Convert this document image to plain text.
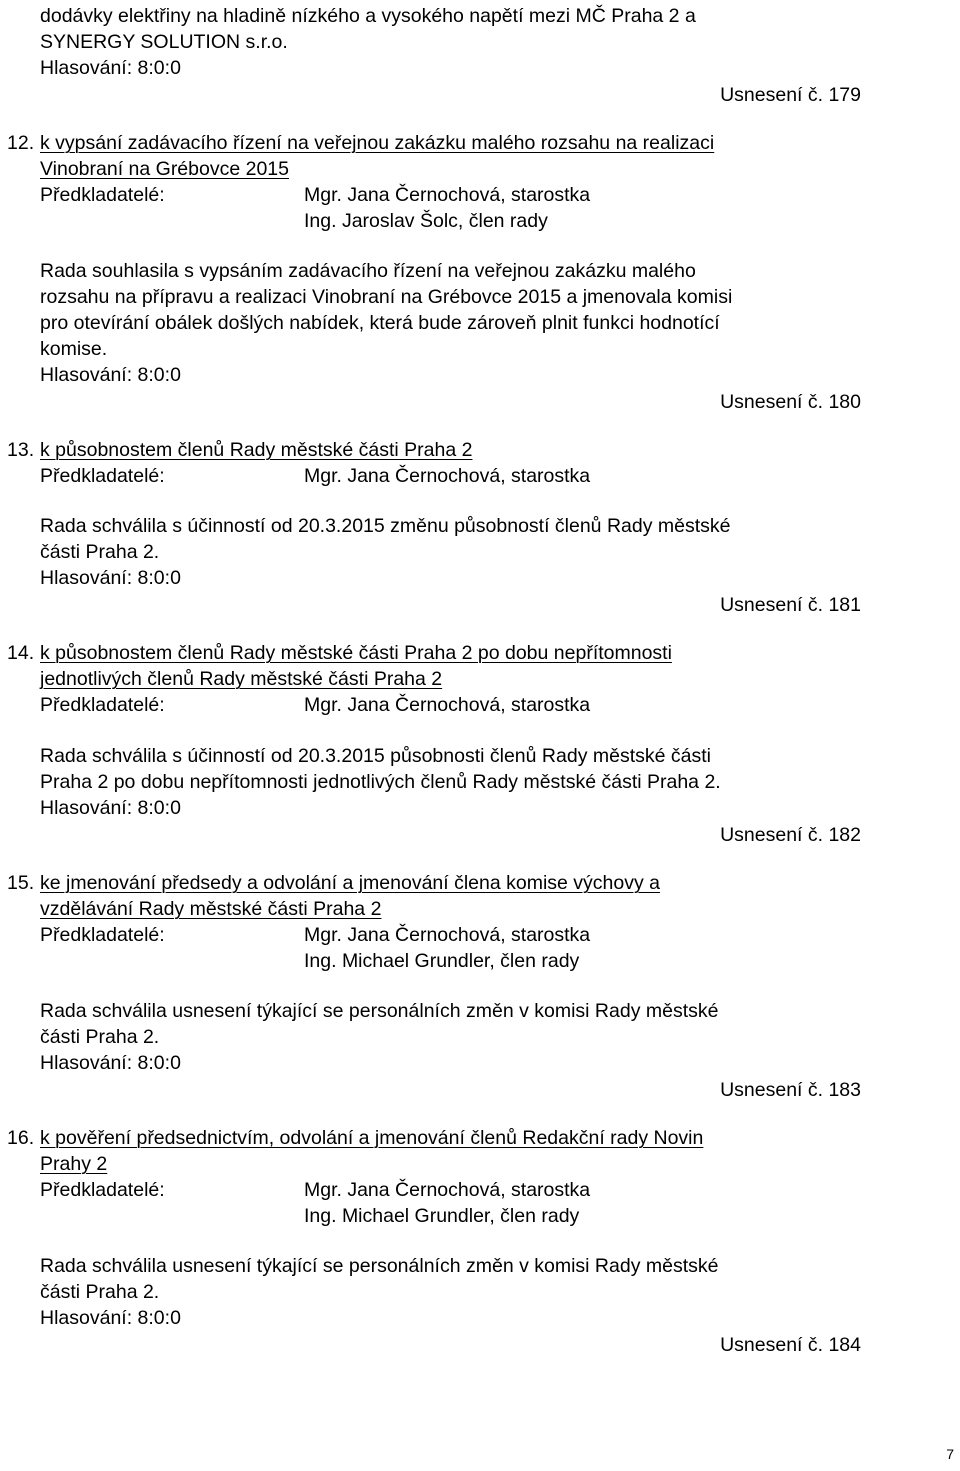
dodávky elektřiny na hladině nízkého a vysokého napětí mezi MČ Praha 2 a
SYNERGY SOLUTION s.r.o.
Hlasování: 8:0:0
Usnesení č. 179
12. k vypsání zadávacího řízení na veřejnou zakázku malého rozsahu na realizaci
Vinobraní na Grébovce 2015
Předkladatelé:	Mgr. Jana Černochová, starostka
Ing. Jaroslav Šolc, člen rady
Rada souhlasila s vypsáním zadávacího řízení na veřejnou zakázku malého
rozsahu na přípravu a realizaci Vinobraní na Grébovce 2015 a jmenovala komisi
pro otevírání obálek došlých nabídek, která bude zároveň plnit funkci hodnotící
komise.
Hlasování: 8:0:0
Usnesení č. 180
13. k působnostem členů Rady městské části Praha 2
Předkladatelé:	Mgr. Jana Černochová, starostka
Rada schválila s účinností od 20.3.2015 změnu působností členů Rady městské
části Praha 2.
Hlasování: 8:0:0
Usnesení č. 181
14. k působnostem členů Rady městské části Praha 2 po dobu nepřítomnosti
jednotlivých členů Rady městské části Praha 2
Předkladatelé:	Mgr. Jana Černochová, starostka
Rada schválila s účinností od 20.3.2015 působnosti členů Rady městské části
Praha 2 po dobu nepřítomnosti jednotlivých členů Rady městské části Praha 2.
Hlasování: 8:0:0
Usnesení č. 182
15. ke jmenování předsedy a odvolání a jmenování člena komise výchovy a
vzdělávání Rady městské části Praha 2
Předkladatelé:	Mgr. Jana Černochová, starostka
Ing. Michael Grundler, člen rady
Rada schválila usnesení týkající se personálních změn v komisi Rady městské
části Praha 2.
Hlasování: 8:0:0
Usnesení č. 183
16. k pověření předsednictvím, odvolání a jmenování členů Redakční rady Novin
Prahy 2
Předkladatelé:	Mgr. Jana Černochová, starostka
Ing. Michael Grundler, člen rady
Rada schválila usnesení týkající se personálních změn v komisi Rady městské
části Praha 2.
Hlasování: 8:0:0
Usnesení č. 184
7
